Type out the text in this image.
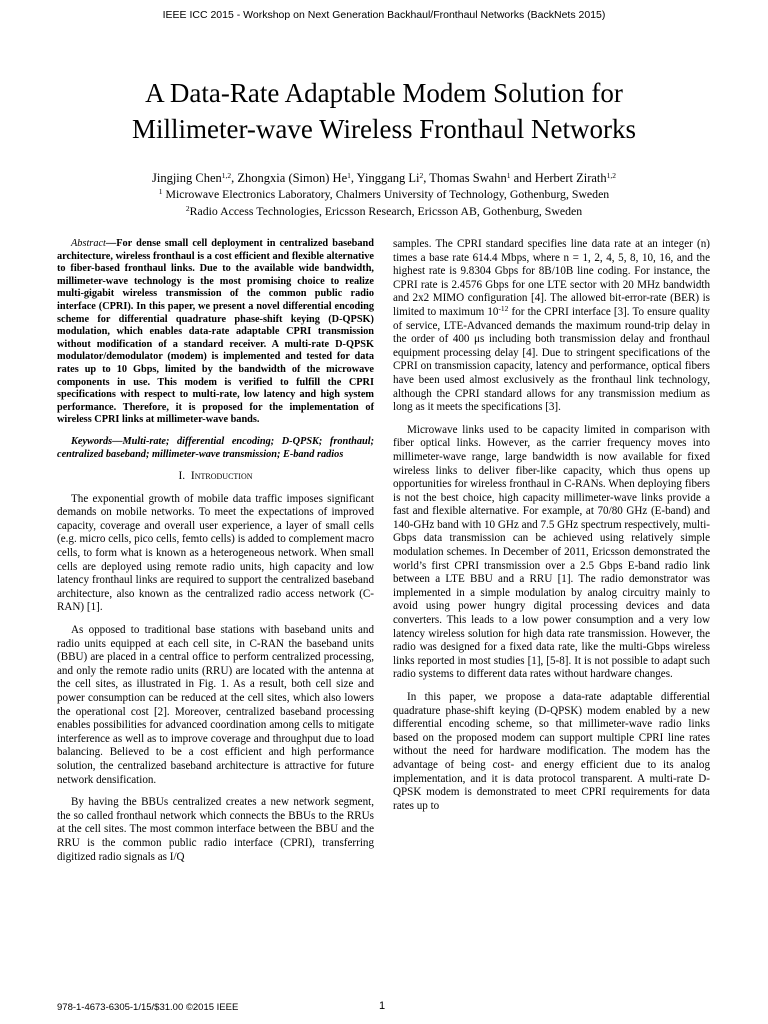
IEEE ICC 2015 - Workshop on Next Generation Backhaul/Fronthaul Networks (BackNets 2015)
A Data-Rate Adaptable Modem Solution for
Millimeter-wave Wireless Fronthaul Networks
Jingjing Chen$^{1,2}$, Zhongxia (Simon) He$^1$, Yinggang Li$^2$, Thomas Swahn$^1$ and Herbert Zirath$^{1,2}$
$^1$ Microwave Electronics Laboratory, Chalmers University of Technology, Gothenburg, Sweden
$^2$Radio Access Technologies, Ericsson Research, Ericsson AB, Gothenburg, Sweden

Abstract—For dense small cell deployment in centralized baseband architecture, wireless fronthaul is a cost efficient and flexible alternative to fiber-based fronthaul links. Due to the available wide bandwidth, millimeter-wave technology is the most promising choice to realize multi-gigabit wireless transmission of the common public radio interface (CPRI). In this paper, we present a novel differential encoding scheme for differential quadrature phase-shift keying (D-QPSK) modulation, which enables data-rate adaptable CPRI transmission without modification of a standard receiver. A multi-rate D-QPSK modulator/demodulator (modem) is implemented and tested for data rates up to 10 Gbps, limited by the bandwidth of the microwave components in use. This modem is verified to fulfill the CPRI specifications with respect to multi-rate, low latency and high system performance. Therefore, it is proposed for the implementation of wireless CPRI links at millimeter-wave bands.

Keywords—Multi-rate; differential encoding; D-QPSK; fronthaul; centralized baseband; millimeter-wave transmission; E-band radios

I. Introduction

The exponential growth of mobile data traffic imposes significant demands on mobile networks. To meet the expectations of improved capacity, coverage and overall user experience, a layer of small cells (e.g. micro cells, pico cells, femto cells) is added to complement macro cells, to form what is known as a heterogeneous network. When small cells are deployed using remote radio units, high capacity and low latency fronthaul links are required to support the centralized baseband architecture, also known as the centralized radio access network (C-RAN) [1].

As opposed to traditional base stations with baseband units and radio units equipped at each cell site, in C-RAN the baseband units (BBU) are placed in a central office to perform centralized processing, and only the remote radio units (RRU) are located with the antenna at the cell sites, as illustrated in Fig. 1. As a result, both cell size and power consumption can be reduced at the cell sites, which also lowers the operational cost [2]. Moreover, centralized baseband processing enables possibilities for advanced coordination among cells to mitigate interference as well as to improve coverage and throughput due to load balancing. Believed to be a cost efficient and high performance solution, the centralized baseband architecture is attractive for future network densification.

By having the BBUs centralized creates a new network segment, the so called fronthaul network which connects the BBUs to the RRUs at the cell sites. The most common interface between the BBU and the RRU is the common public radio interface (CPRI), transferring digitized radio signals as I/Q

samples. The CPRI standard specifies line data rate at an integer (n) times a base rate 614.4 Mbps, where n = 1, 2, 4, 5, 8, 10, 16, and the highest rate is 9.8304 Gbps for 8B/10B line coding. For instance, the CPRI rate is 2.4576 Gbps for one LTE sector with 20 MHz bandwidth and 2x2 MIMO configuration [4]. The allowed bit-error-rate (BER) is limited to maximum $10^{-12}$ for the CPRI interface [3]. To ensure quality of service, LTE-Advanced demands the maximum round-trip delay in the order of 400 μs including both transmission delay and fronthaul equipment processing delay [4]. Due to stringent specifications of the CPRI on transmission capacity, latency and performance, optical fibers have been used almost exclusively as the fronthaul link technology, although the CPRI standard allows for any transmission medium as long as it meets the specifications [3].

Microwave links used to be capacity limited in comparison with fiber optical links. However, as the carrier frequency moves into millimeter-wave range, large bandwidth is now available for fixed wireless links to deliver fiber-like capacity, which thus opens up opportunities for wireless fronthaul in C-RANs. When deploying fibers is not the best choice, high capacity millimeter-wave links provide a fast and flexible alternative. For example, at 70/80 GHz (E-band) and 140-GHz band with 10 GHz and 7.5 GHz spectrum respectively, multi-Gbps data transmission can be achieved using relatively simple modulation schemes. In December of 2011, Ericsson demonstrated the world’s first CPRI transmission over a 2.5 Gbps E-band radio link between a LTE BBU and a RRU [1]. The radio demonstrator was implemented in a simple modulation by analog circuitry mainly to avoid using power hungry digital processing devices and data converters. This leads to a low power consumption and a very low latency wireless solution for high data rate transmission. However, the radio was designed for a fixed data rate, like the multi-Gbps wireless links reported in most studies [1], [5-8]. It is not possible to adapt such radio systems to different data rates without hardware changes.

In this paper, we propose a data-rate adaptable differential quadrature phase-shift keying (D-QPSK) modem enabled by a new differential encoding scheme, so that millimeter-wave radio links based on the proposed modem can support multiple CPRI line rates without the need for hardware modification. The modem has the advantage of being cost- and energy efficient due to its analog implementation, and it is data protocol transparent. A multi-rate D-QPSK modem is demonstrated to meet CPRI requirements for data rates up to

978-1-4673-6305-1/15/$31.00 ©2015 IEEE	1
